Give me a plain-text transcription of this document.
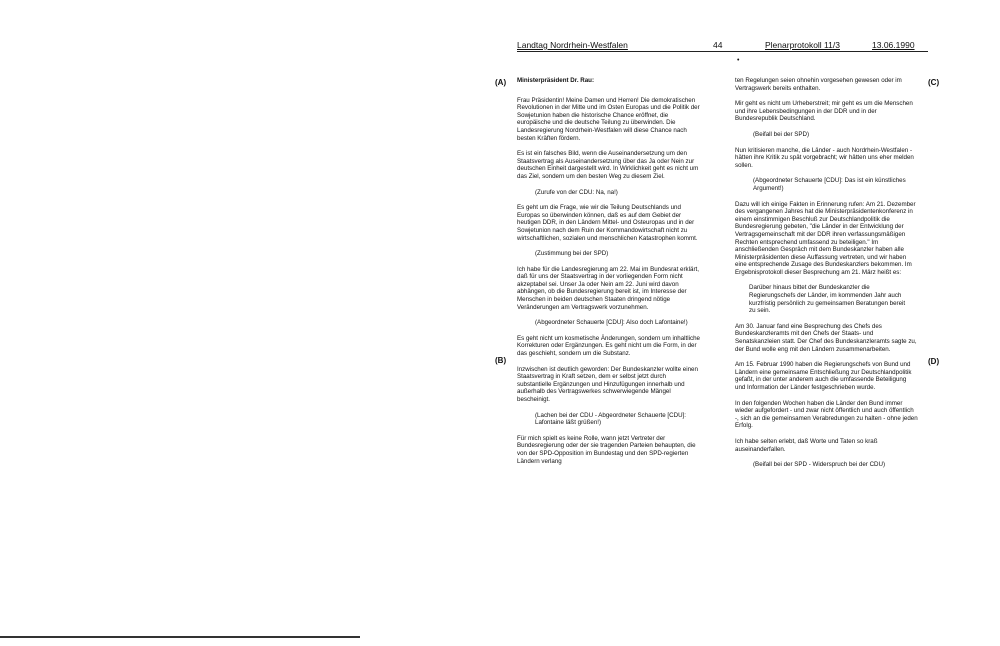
Landtag Nordrhein-Westfalen	44	Plenarprotokoll 11/3	13.06.1990
•
(A)
(B)
(C)
(D)

Ministerpräsident Dr. Rau:

Frau Präsidentin! Meine Damen und Herren! Die demokratischen Revolutionen in der Mitte und im Osten Europas und die Politik der Sowjetunion haben die historische Chance eröffnet, die europäische und die deutsche Teilung zu überwinden. Die Landesregierung Nordrhein-Westfalen will diese Chance nach besten Kräften fördern.

Es ist ein falsches Bild, wenn die Auseinandersetzung um den Staatsvertrag als Auseinandersetzung über das Ja oder Nein zur deutschen Einheit dargestellt wird. In Wirklichkeit geht es nicht um das Ziel, sondern um den besten Weg zu diesem Ziel.

(Zurufe von der CDU: Na, na!)

Es geht um die Frage, wie wir die Teilung Deutschlands und Europas so überwinden können, daß es auf dem Gebiet der heutigen DDR, in den Ländern Mittel- und Osteuropas und in der Sowjetunion nach dem Ruin der Kommandowirtschaft nicht zu wirtschaftlichen, sozialen und menschlichen Katastrophen kommt.

(Zustimmung bei der SPD)

Ich habe für die Landesregierung am 22. Mai im Bundesrat erklärt, daß für uns der Staatsvertrag in der vorliegenden Form nicht akzeptabel sei. Unser Ja oder Nein am 22. Juni wird davon abhängen, ob die Bundesregierung bereit ist, im Interesse der Menschen in beiden deutschen Staaten dringend nötige Veränderungen am Vertragswerk vorzunehmen.

(Abgeordneter Schauerte [CDU]: Also doch Lafontaine!)

Es geht nicht um kosmetische Änderungen, sondern um inhaltliche Korrekturen oder Ergänzungen. Es geht nicht um die Form, in der das geschieht, sondern um die Substanz.

Inzwischen ist deutlich geworden: Der Bundeskanzler wollte einen Staatsvertrag in Kraft setzen, dem er selbst jetzt durch substantielle Ergänzungen und Hinzufügungen innerhalb und außerhalb des Vertragswerkes schwerwiegende Mängel bescheinigt.

(Lachen bei der CDU - Abgeordneter Schauerte [CDU]: Lafontaine läßt grüßen!)

Für mich spielt es keine Rolle, wann jetzt Vertreter der Bundesregierung oder der sie tragenden Parteien behaupten, die von der SPD-Opposition im Bundestag und den SPD-regierten Ländern verlang

ten Regelungen seien ohnehin vorgesehen gewesen oder im Vertragswerk bereits enthalten.

Mir geht es nicht um Urheberstreit; mir geht es um die Menschen und ihre Lebensbedingungen in der DDR und in der Bundesrepublik Deutschland.

(Beifall bei der SPD)

Nun kritisieren manche, die Länder - auch Nordrhein-Westfalen - hätten ihre Kritik zu spät vorgebracht; wir hätten uns eher melden sollen.

(Abgeordneter Schauerte [CDU]: Das ist ein künstliches Argument!)

Dazu will ich einige Fakten in Erinnerung rufen: Am 21. Dezember des vergangenen Jahres hat die Ministerpräsidentenkonferenz in einem einstimmigen Beschluß zur Deutschlandpolitik die Bundesregierung gebeten, "die Länder in der Entwicklung der Vertragsgemeinschaft mit der DDR ihren verfassungsmäßigen Rechten entsprechend umfassend zu beteiligen." Im anschließenden Gespräch mit dem Bundeskanzler haben alle Ministerpräsidenten diese Auffassung vertreten, und wir haben eine entsprechende Zusage des Bundeskanzlers bekommen. Im Ergebnisprotokoll dieser Besprechung am 21. März heißt es:

Darüber hinaus bittet der Bundeskanzler die Regierungschefs der Länder, im kommenden Jahr auch kurzfristig persönlich zu gemeinsamen Beratungen bereit zu sein.

Am 30. Januar fand eine Besprechung des Chefs des Bundeskanzleramts mit den Chefs der Staats- und Senatskanzleien statt. Der Chef des Bundeskanzleramts sagte zu, der Bund wolle eng mit den Ländern zusammenarbeiten.

Am 15. Februar 1990 haben die Regierungschefs von Bund und Ländern eine gemeinsame Entschließung zur Deutschlandpolitik gefaßt, in der unter anderem auch die umfassende Beteiligung und Information der Länder festgeschrieben wurde.

In den folgenden Wochen haben die Länder den Bund immer wieder aufgefordert - und zwar nicht öffentlich und auch öffentlich -, sich an die gemeinsamen Verabredungen zu halten - ohne jeden Erfolg.

Ich habe selten erlebt, daß Worte und Taten so kraß auseinanderfallen.

(Beifall bei der SPD - Widerspruch bei der CDU)
